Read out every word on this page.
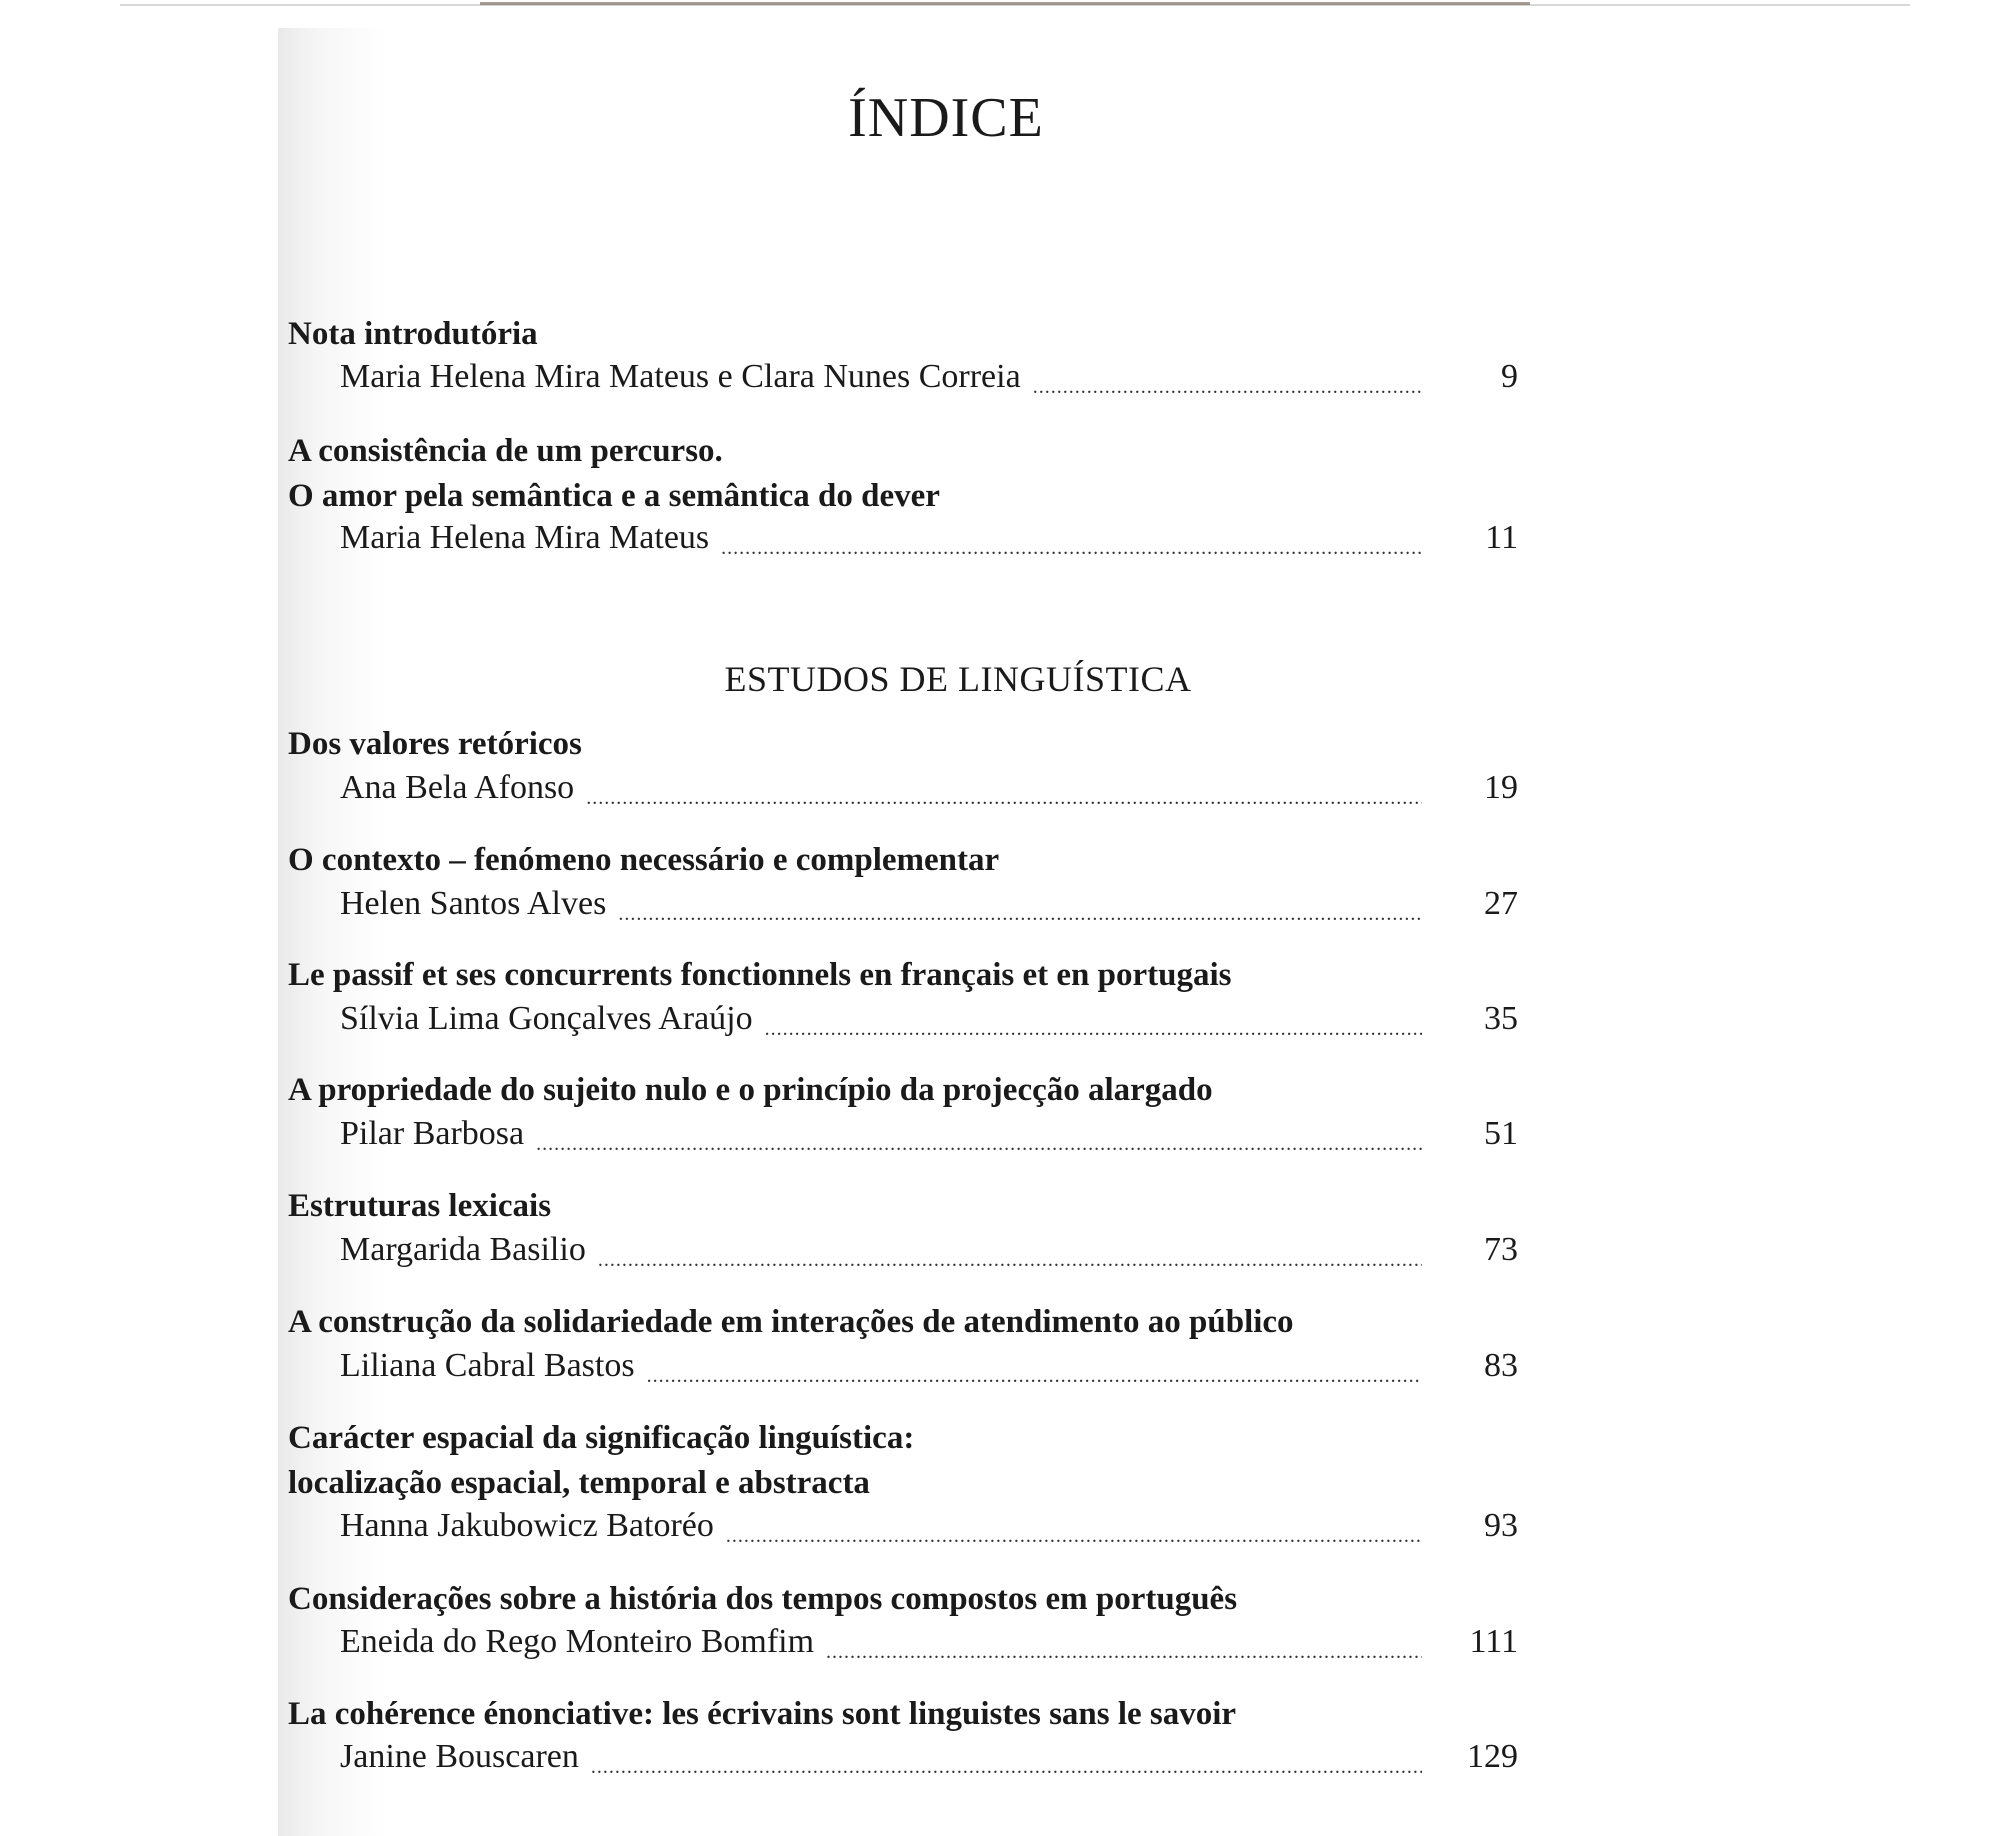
ÍNDICE
Nota introdutória
Maria Helena Mira Mateus e Clara Nunes Correia .....	9
A consistência de um percurso.
O amor pela semântica e a semântica do dever
Maria Helena Mira Mateus .....	11
ESTUDOS DE LINGUÍSTICA
Dos valores retóricos
Ana Bela Afonso .....	19
O contexto – fenómeno necessário e complementar
Helen Santos Alves .....	27
Le passif et ses concurrents fonctionnels en français et en portugais
Sílvia Lima Gonçalves Araújo .....	35
A propriedade do sujeito nulo e o princípio da projecção alargado
Pilar Barbosa .....	51
Estruturas lexicais
Margarida Basilio .....	73
A construção da solidariedade em interações de atendimento ao público
Liliana Cabral Bastos .....	83
Carácter espacial da significação linguística:
localização espacial, temporal e abstracta
Hanna Jakubowicz Batoréo .....	93
Considerações sobre a história dos tempos compostos em português
Eneida do Rego Monteiro Bomfim .....	111
La cohérence énonciative: les écrivains sont linguistes sans le savoir
Janine Bouscaren .....	129
